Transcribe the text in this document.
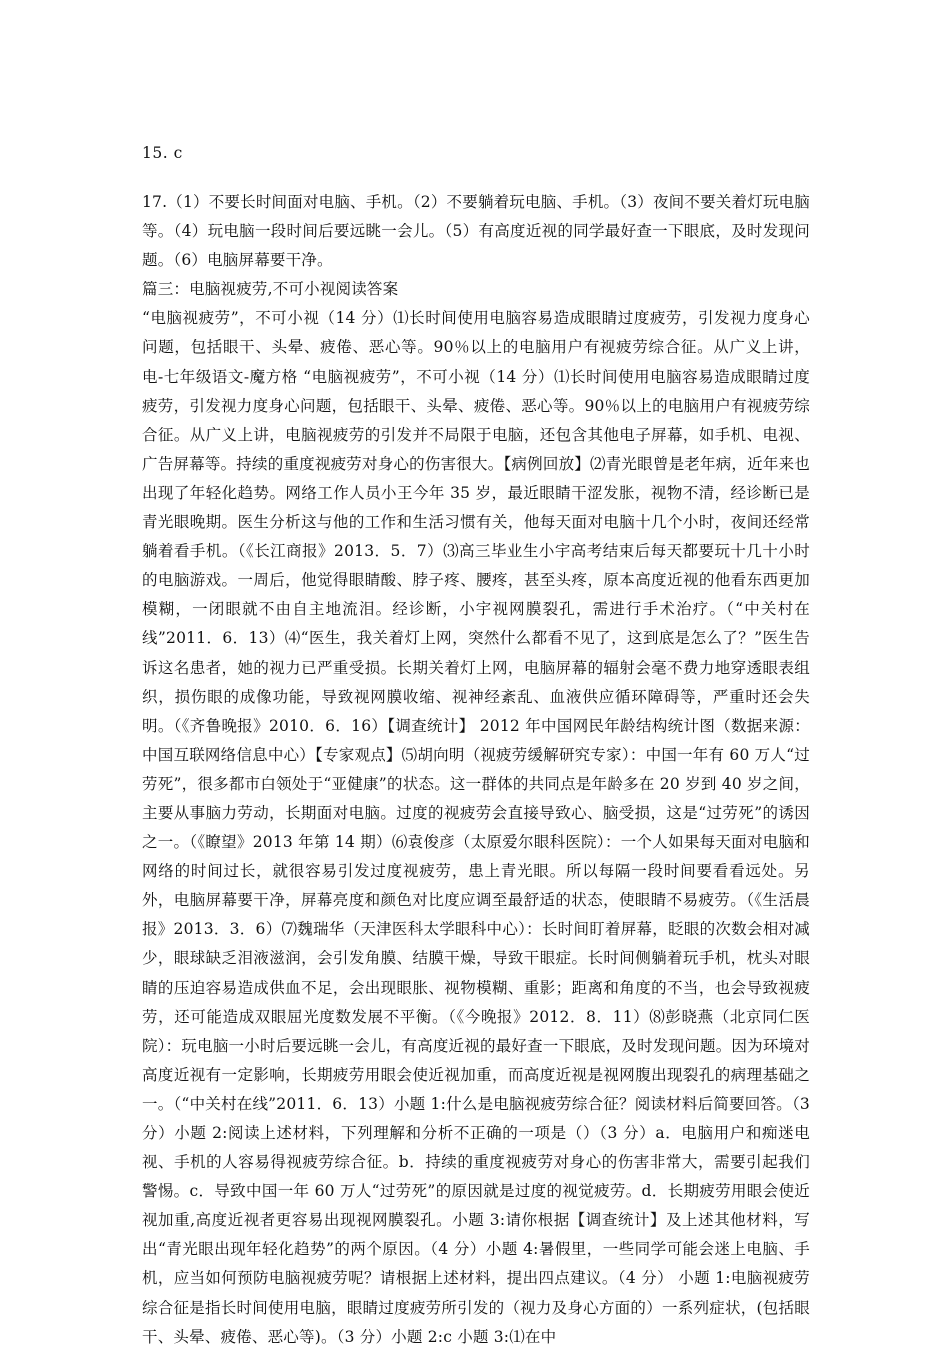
15. c

17.（1）不要长时间面对电脑、手机。（2）不要躺着玩电脑、手机。（3）夜间不要关着灯玩电脑等。（4）玩电脑一段时间后要远眺一会儿。（5）有高度近视的同学最好查一下眼底，及时发现问题。（6）电脑屏幕要干净。

篇三：电脑视疲劳,不可小视阅读答案

“电脑视疲劳”，不可小视（14 分）⑴长时间使用电脑容易造成眼睛过度疲劳，引发视力度身心问题，包括眼干、头晕、疲倦、恶心等。90％以上的电脑用户有视疲劳综合征。从广义上讲，电-七年级语文-魔方格 “电脑视疲劳”，不可小视（14 分）⑴长时间使用电脑容易造成眼睛过度疲劳，引发视力度身心问题，包括眼干、头晕、疲倦、恶心等。90％以上的电脑用户有视疲劳综合征。从广义上讲，电脑视疲劳的引发并不局限于电脑，还包含其他电子屏幕，如手机、电视、广告屏幕等。持续的重度视疲劳对身心的伤害很大。【病例回放】⑵青光眼曾是老年病，近年来也出现了年轻化趋势。网络工作人员小王今年 35 岁，最近眼睛干涩发胀，视物不清，经诊断已是青光眼晚期。医生分析这与他的工作和生活习惯有关，他每天面对电脑十几个小时，夜间还经常躺着看手机。（《长江商报》2013．5．7）⑶高三毕业生小宇高考结束后每天都要玩十几十小时的电脑游戏。一周后，他觉得眼睛酸、脖子疼、腰疼，甚至头疼，原本高度近视的他看东西更加模糊，一闭眼就不由自主地流泪。经诊断，小宇视网膜裂孔，需进行手术治疗。（“中关村在线”2011．6．13）⑷“医生，我关着灯上网，突然什么都看不见了，这到底是怎么了？”医生告诉这名患者，她的视力已严重受损。长期关着灯上网，电脑屏幕的辐射会毫不费力地穿透眼表组织，损伤眼的成像功能，导致视网膜收缩、视神经紊乱、血液供应循环障碍等，严重时还会失明。（《齐鲁晚报》2010．6．16）【调查统计】 2012 年中国网民年龄结构统计图（数据来源：中国互联网络信息中心）【专家观点】⑸胡向明（视疲劳缓解研究专家）：中国一年有 60 万人“过劳死”，很多都市白领处于“亚健康”的状态。这一群体的共同点是年龄多在 20 岁到 40 岁之间，主要从事脑力劳动，长期面对电脑。过度的视疲劳会直接导致心、脑受损，这是“过劳死”的诱因之一。（《瞭望》2013 年第 14 期）⑹袁俊彦（太原爱尔眼科医院）：一个人如果每天面对电脑和网络的时间过长，就很容易引发过度视疲劳，患上青光眼。所以每隔一段时间要看看远处。另外，电脑屏幕要干净，屏幕亮度和颜色对比度应调至最舒适的状态，使眼睛不易疲劳。（《生活晨报》2013．3．6）⑺魏瑞华（天津医科太学眼科中心）：长时间盯着屏幕，眨眼的次数会相对减少，眼球缺乏泪液滋润，会引发角膜、结膜干燥，导致干眼症。长时间侧躺着玩手机，枕头对眼睛的压迫容易造成供血不足，会出现眼胀、视物模糊、重影；距离和角度的不当，也会导致视疲劳，还可能造成双眼屈光度数发展不平衡。（《今晚报》2012．8．11）⑻彭晓燕（北京同仁医院）：玩电脑一小时后要远眺一会儿，有高度近视的最好查一下眼底，及时发现问题。因为环境对高度近视有一定影响，长期疲劳用眼会使近视加重，而高度近视是视网腹出现裂孔的病理基础之一。（“中关村在线”2011．6．13）小题 1:什么是电脑视疲劳综合征？阅读材料后简要回答。（3 分）小题 2:阅读上述材料，下列理解和分析不正确的一项是（）（3 分）a．电脑用户和痴迷电视、手机的人容易得视疲劳综合征。b．持续的重度视疲劳对身心的伤害非常大，需要引起我们警惕。c．导致中国一年 60 万人“过劳死”的原因就是过度的视觉疲劳。d．长期疲劳用眼会使近视加重,高度近视者更容易出现视网膜裂孔。小题 3:请你根据【调查统计】及上述其他材料，写出“青光眼出现年轻化趋势”的两个原因。（4 分）小题 4:暑假里，一些同学可能会迷上电脑、手机，应当如何预防电脑视疲劳呢？请根据上述材料，提出四点建议。（4 分） 小题 1:电脑视疲劳综合征是指长时间使用电脑，眼睛过度疲劳所引发的（视力及身心方面的）一系列症状，(包括眼干、头晕、疲倦、恶心等)。（3 分）小题 2:c 小题 3:⑴在中
